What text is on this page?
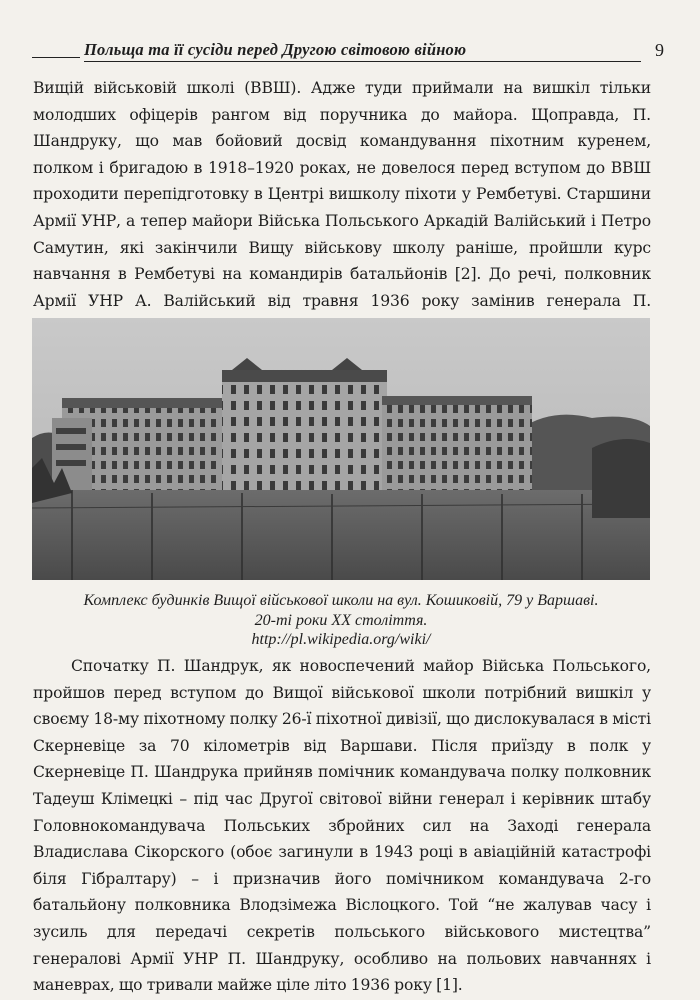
Польща та її сусіди перед Другою світовою війною	9

Вищій військовій школі (ВВШ). Адже туди приймали на вишкіл тільки молодших офіцерів рангом від поручника до майора. Щоправда, П. Шандруку, що мав бойовий досвід командування піхотним куренем, полком і бригадою в 1918–1920 роках, не довелося перед вступом до ВВШ проходити перепідготовку в Центрі вишколу піхоти у Рембетуві. Старшини Армії УНР, а тепер майори Війська Польського Аркадій Валійський і Петро Самутин, які закінчили Вищу військову школу раніше, пройшли курс навчання в Рембетуві на командирів батальйонів [2]. До речі, полковник Армії УНР А. Валійський від травня 1936 року замінив генерала П.

Комплекс будинків Вищої військової школи на вул. Кошиковій, 79 у Варшаві.
20-ті роки XX століття.
http://pl.wikipedia.org/wiki/

Спочатку П. Шандрук, як новоспечений майор Війська Польського, пройшов перед вступом до Вищої військової школи потрібний вишкіл у своєму 18-му піхотному полку 26-ї піхотної дивізії, що дислокувалася в місті Скерневіце за 70 кілометрів від Варшави. Після приїзду в полк у Скерневіце П. Шандрука прийняв помічник командувача полку полковник Тадеуш Клімецкі – під час Другої світової війни генерал і керівник штабу Головнокомандувача Польських збройних сил на Заході генерала Владислава Сікорского (обоє загинули в 1943 році в авіаційній катастрофі біля Гібралтару) – і призначив його помічником командувача 2-го батальйону полковника Влодзімежа Віслоцкого. Той “не жалував часу і зусиль для передачі секретів польського військового мистецтва” генералові Армії УНР П. Шандруку, особливо на польових навчаннях і маневрах, що тривали майже ціле літо 1936 року [1].
